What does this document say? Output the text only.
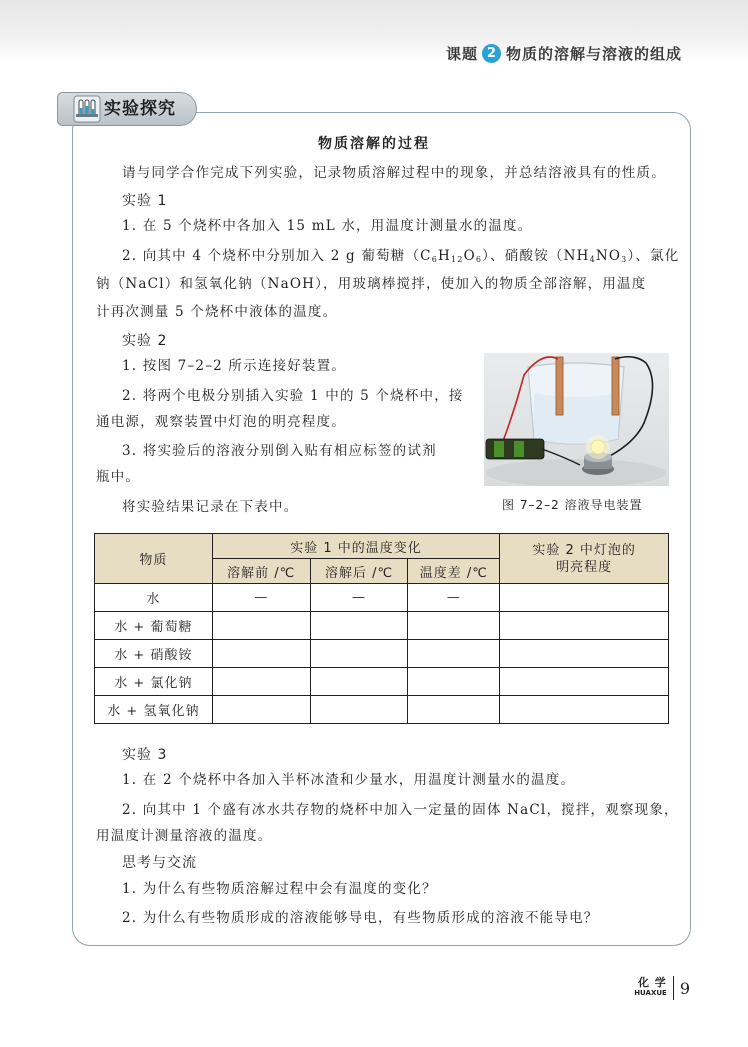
课题 2 物质的溶解与溶液的组成
实验探究
物质溶解的过程
请与同学合作完成下列实验，记录物质溶解过程中的现象，并总结溶液具有的性质。
实验 1
1. 在 5 个烧杯中各加入 15 mL 水，用温度计测量水的温度。
2. 向其中 4 个烧杯中分别加入 2 g 葡萄糖$(C_6H_{12}O_6)$、硝酸铵$(NH_4NO_3)$、氯化
钠（NaCl）和氢氧化钠（NaOH），用玻璃棒搅拌，使加入的物质全部溶解，用温度
计再次测量 5 个烧杯中液体的温度。
实验 2
1. 按图 7–2–2 所示连接好装置。
2. 将两个电极分别插入实验 1 中的 5 个烧杯中，接
通电源，观察装置中灯泡的明亮程度。
3. 将实验后的溶液分别倒入贴有相应标签的试剂
瓶中。
将实验结果记录在下表中。	图 7–2–2 溶液导电装置
物质	实验 1 中的温度变化			实验 2 中灯泡的
明亮程度
	溶解前 /℃	溶解后 /℃	温度差 /℃	
水	—	—	—	
水 + 葡萄糖				
水 + 硝酸铵				
水 + 氯化钠				
水 + 氢氧化钠				
实验 3
1. 在 2 个烧杯中各加入半杯冰渣和少量水，用温度计测量水的温度。
2. 向其中 1 个盛有冰水共存物的烧杯中加入一定量的固体 NaCl，搅拌，观察现象，
用温度计测量溶液的温度。
思考与交流
1. 为什么有些物质溶解过程中会有温度的变化？
2. 为什么有些物质形成的溶液能够导电，有些物质形成的溶液不能导电？
化 学
HUAXUE 9
